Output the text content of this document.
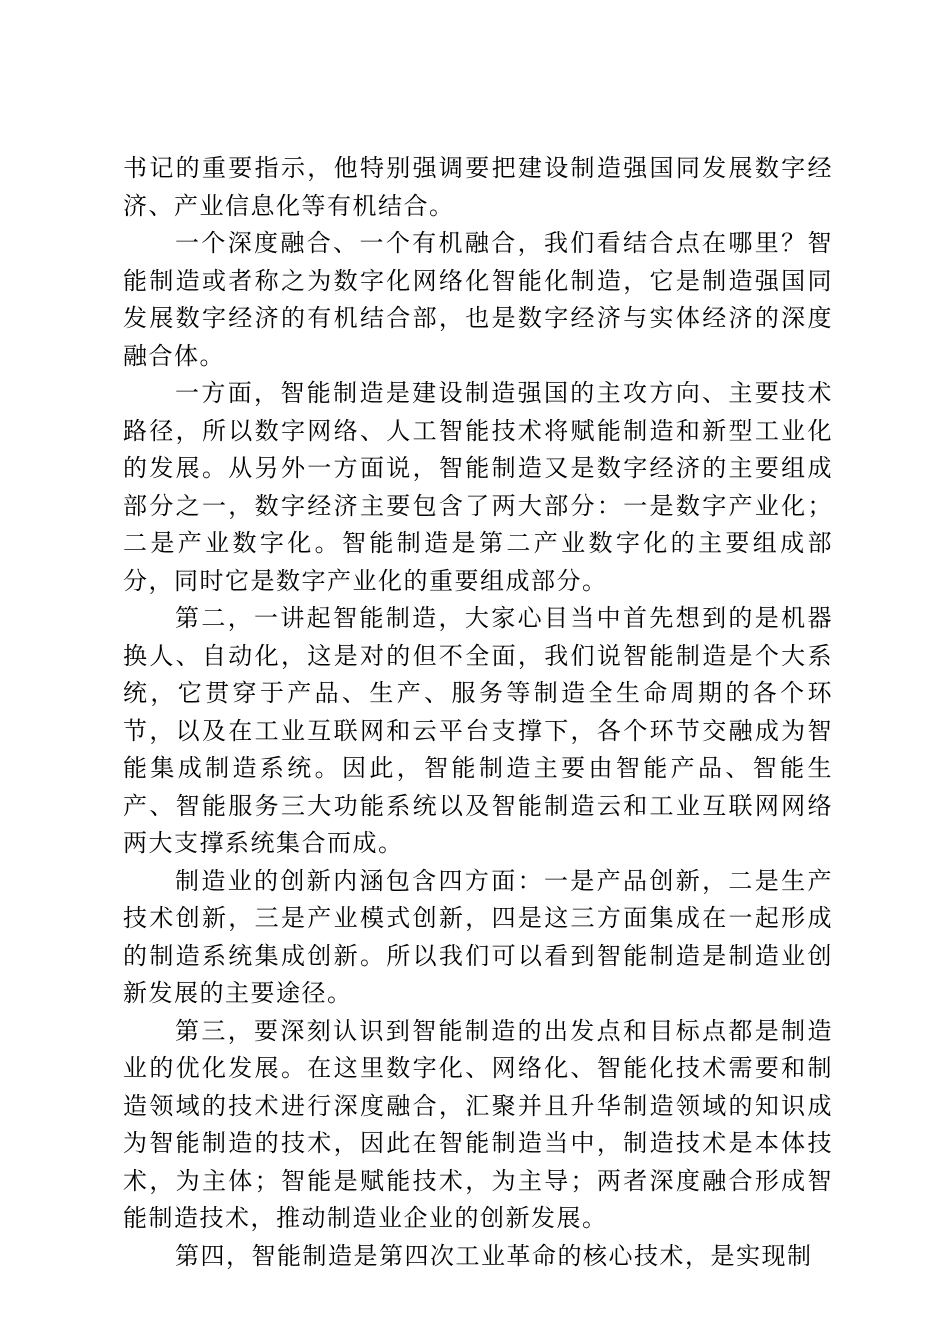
书记的重要指示，他特别强调要把建设制造强国同发展数字经济、产业信息化等有机结合。

一个深度融合、一个有机融合，我们看结合点在哪里？智能制造或者称之为数字化网络化智能化制造，它是制造强国同发展数字经济的有机结合部，也是数字经济与实体经济的深度融合体。

一方面，智能制造是建设制造强国的主攻方向、主要技术路径，所以数字网络、人工智能技术将赋能制造和新型工业化的发展。从另外一方面说，智能制造又是数字经济的主要组成部分之一，数字经济主要包含了两大部分：一是数字产业化；二是产业数字化。智能制造是第二产业数字化的主要组成部分，同时它是数字产业化的重要组成部分。

第二，一讲起智能制造，大家心目当中首先想到的是机器换人、自动化，这是对的但不全面，我们说智能制造是个大系统，它贯穿于产品、生产、服务等制造全生命周期的各个环节，以及在工业互联网和云平台支撑下，各个环节交融成为智能集成制造系统。因此，智能制造主要由智能产品、智能生产、智能服务三大功能系统以及智能制造云和工业互联网网络两大支撑系统集合而成。

制造业的创新内涵包含四方面：一是产品创新，二是生产技术创新，三是产业模式创新，四是这三方面集成在一起形成的制造系统集成创新。所以我们可以看到智能制造是制造业创新发展的主要途径。

第三，要深刻认识到智能制造的出发点和目标点都是制造业的优化发展。在这里数字化、网络化、智能化技术需要和制造领域的技术进行深度融合，汇聚并且升华制造领域的知识成为智能制造的技术，因此在智能制造当中，制造技术是本体技术，为主体；智能是赋能技术，为主导；两者深度融合形成智能制造技术，推动制造业企业的创新发展。

第四，智能制造是第四次工业革命的核心技术，是实现制
